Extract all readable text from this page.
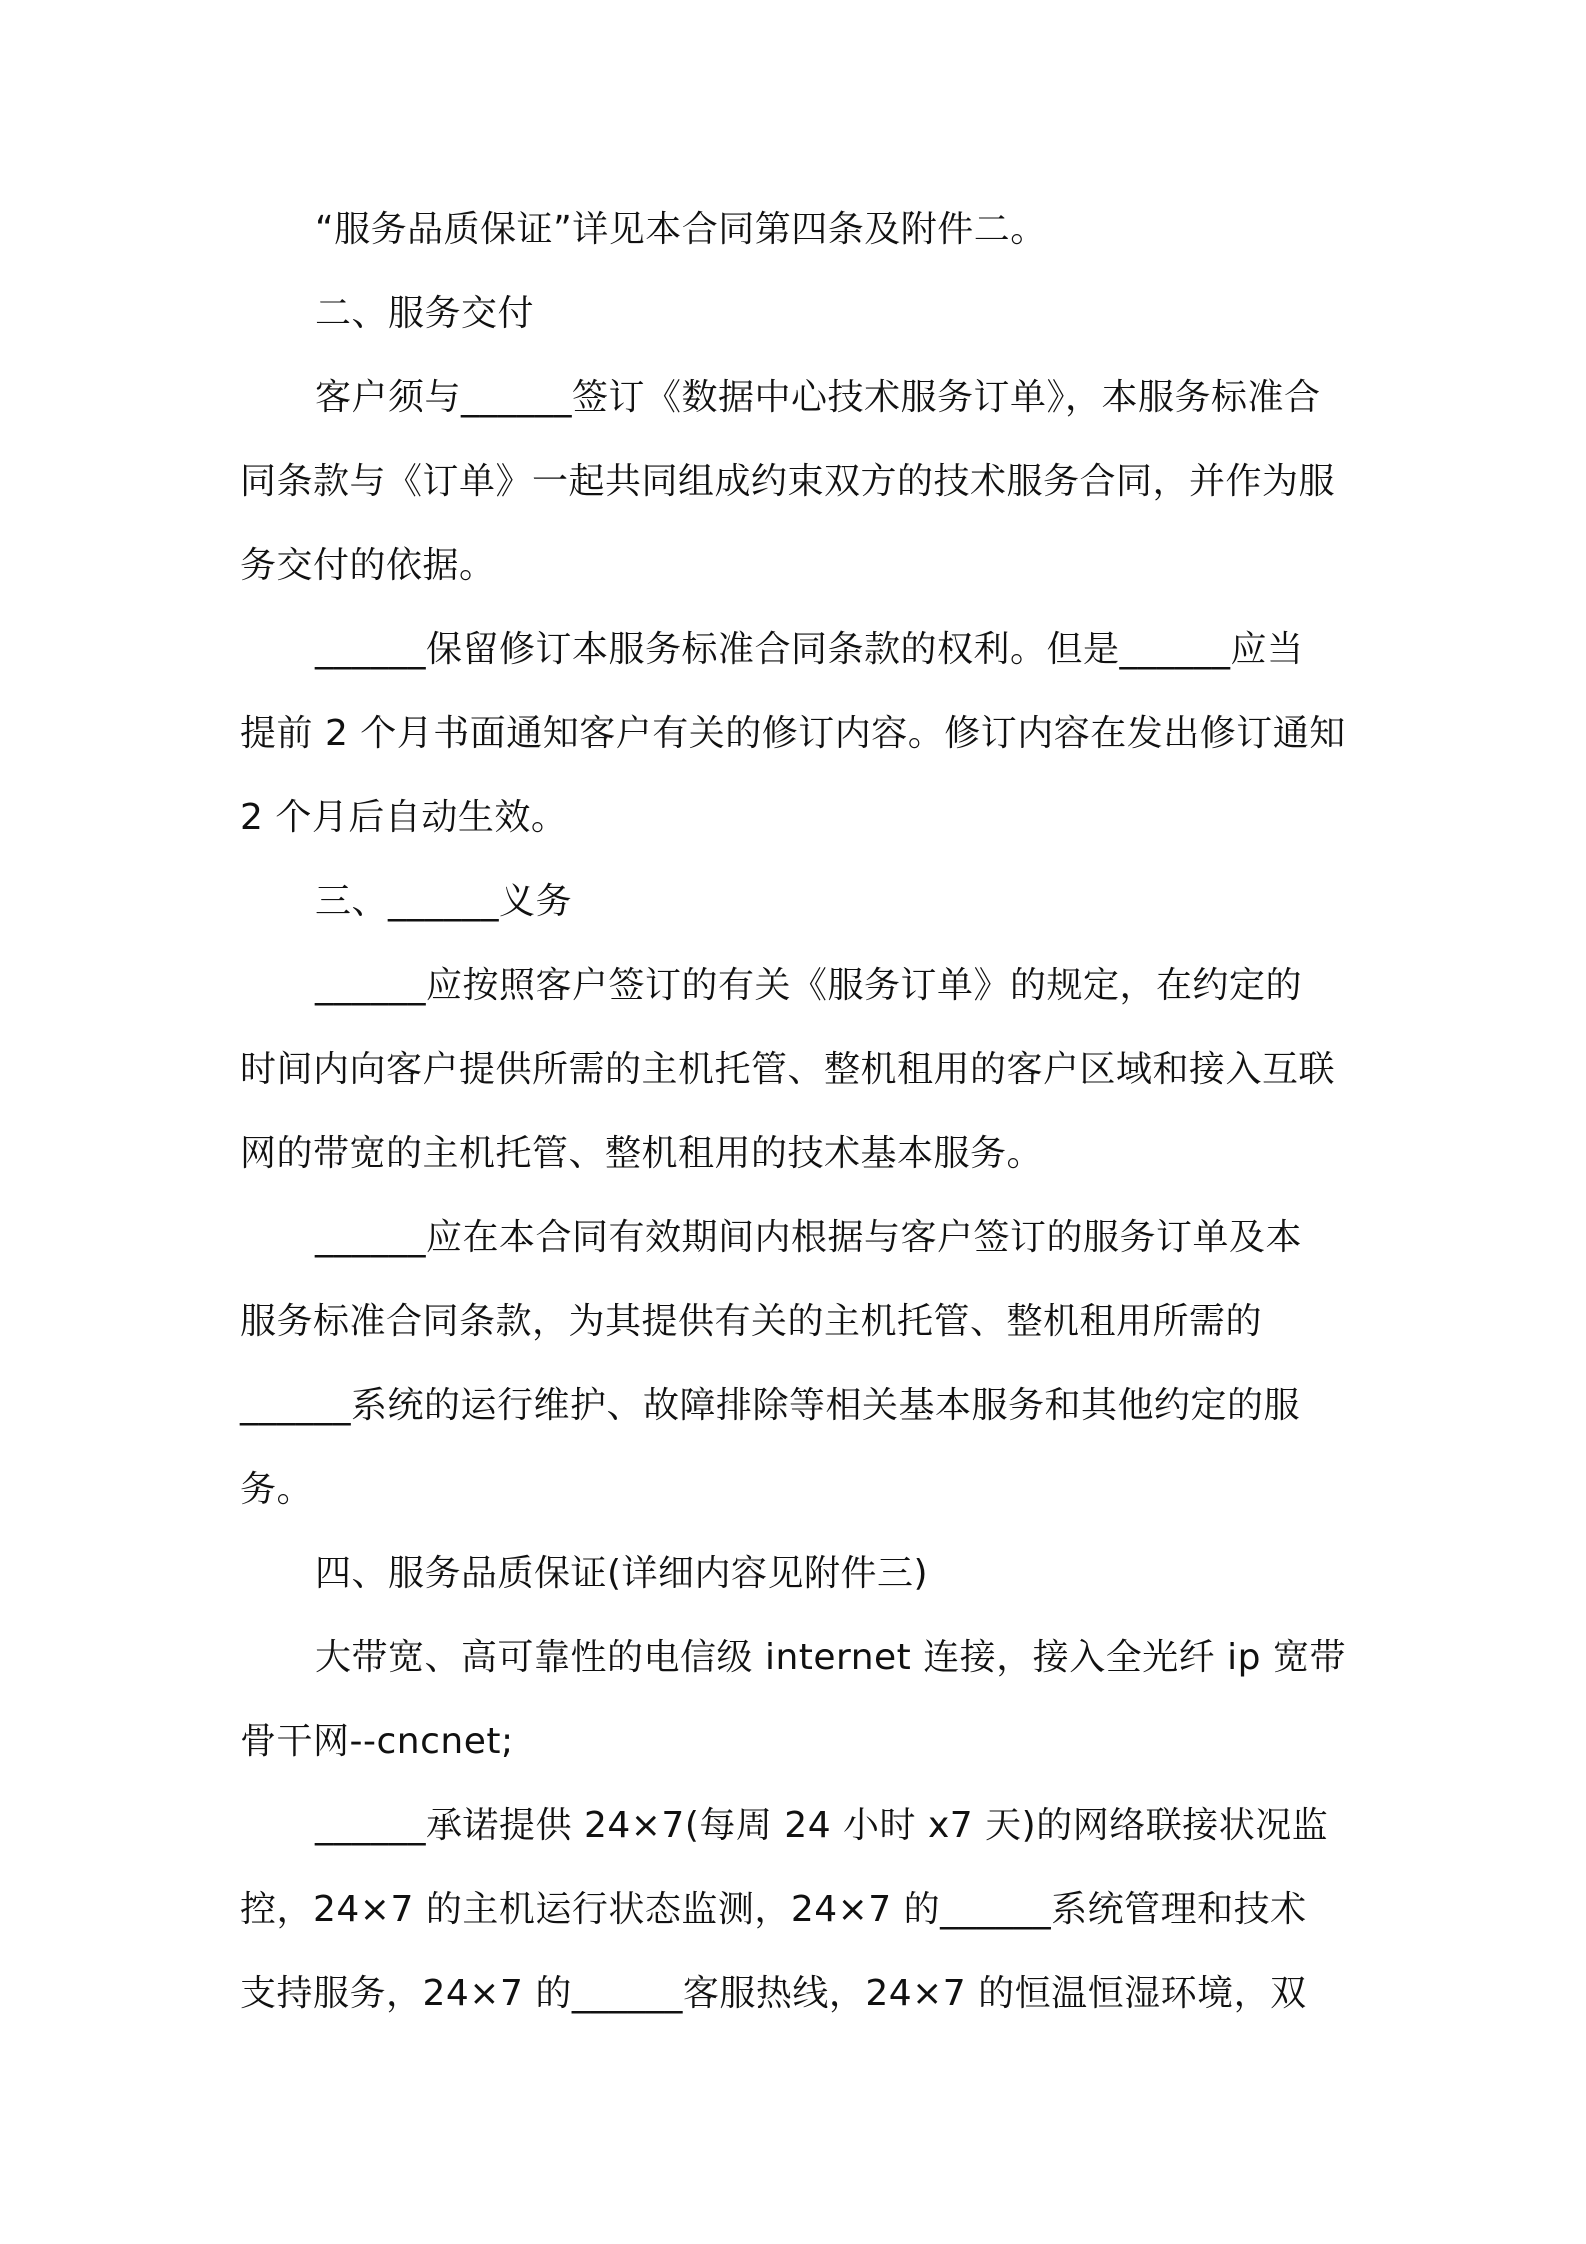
“服务品质保证”详见本合同第四条及附件二。
二、服务交付
客户须与______签订《数据中心技术服务订单》，本服务标准合
同条款与《订单》一起共同组成约束双方的技术服务合同，并作为服
务交付的依据。
______保留修订本服务标准合同条款的权利。但是______应当
提前 2 个月书面通知客户有关的修订内容。修订内容在发出修订通知
2 个月后自动生效。
三、______义务
______应按照客户签订的有关《服务订单》的规定，在约定的
时间内向客户提供所需的主机托管、整机租用的客户区域和接入互联
网的带宽的主机托管、整机租用的技术基本服务。
______应在本合同有效期间内根据与客户签订的服务订单及本
服务标准合同条款，为其提供有关的主机托管、整机租用所需的
______系统的运行维护、故障排除等相关基本服务和其他约定的服
务。
四、服务品质保证(详细内容见附件三)
大带宽、高可靠性的电信级 internet 连接，接入全光纤 ip 宽带
骨干网--cncnet;
______承诺提供 24×7(每周 24 小时 x7 天)的网络联接状况监
控，24×7 的主机运行状态监测，24×7 的______系统管理和技术
支持服务，24×7 的______客服热线，24×7 的恒温恒湿环境，双
